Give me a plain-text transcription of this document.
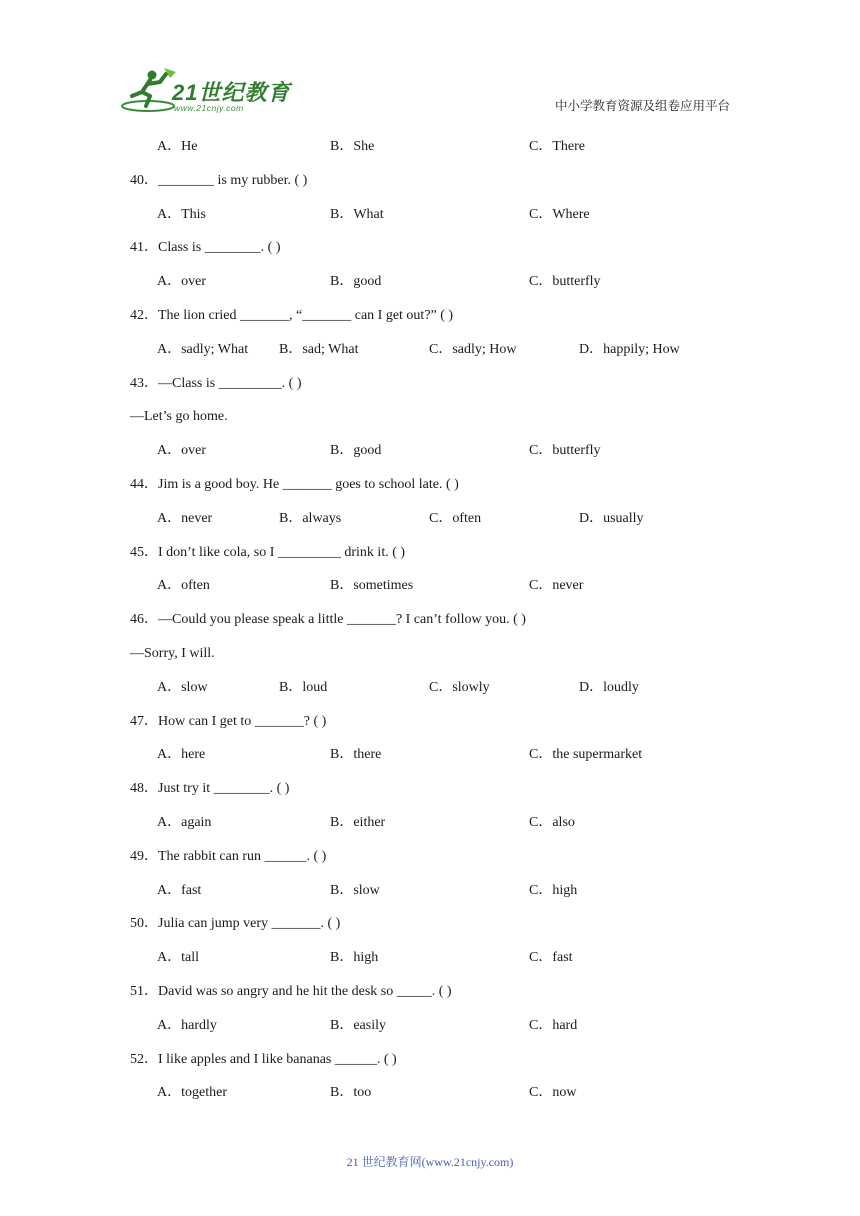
21世纪教育
www.21cnjy.com	中小学教育资源及组卷应用平台
A．He	B．She	C．There
40．________ is my rubber. ( )
A．This	B．What	C．Where
41．Class is ________. ( )
A．over	B．good	C．butterfly
42．The lion cried _______, “_______ can I get out?” ( )
A．sadly; What B．sad; What	C．sadly; How	D．happily; How
43．—Class is _________. ( )
—Let’s go home.
A．over	B．good	C．butterfly
44．Jim is a good boy. He _______ goes to school late. ( )
A．never	B．always	C．often	D．usually
45．I don’t like cola, so I _________ drink it. ( )
A．often	B．sometimes	C．never
46．—Could you please speak a little _______? I can’t follow you. ( )
—Sorry, I will.
A．slow	B．loud	C．slowly	D．loudly
47．How can I get to _______? ( )
A．here	B．there	C．the supermarket
48．Just try it ________. ( )
A．again	B．either	C．also
49．The rabbit can run ______. ( )
A．fast	B．slow	C．high
50．Julia can jump very _______. ( )
A．tall	B．high	C．fast
51．David was so angry and he hit the desk so _____. ( )
A．hardly	B．easily	C．hard
52．I like apples and I like bananas ______. ( )
A．together	B．too	C．now
21 世纪教育网(www.21cnjy.com)
